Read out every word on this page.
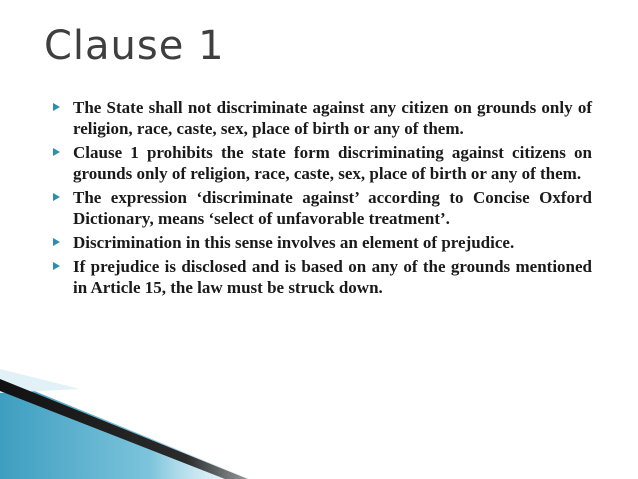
Clause 1
The State shall not discriminate against any citizen on grounds only of religion, race, caste, sex, place of birth or any of them.
Clause 1 prohibits the state form discriminating against citizens on grounds only of religion, race, caste, sex, place of birth or any of them.
The expression ‘discriminate against’ according to Concise Oxford Dictionary, means ‘select of unfavorable treatment’.
Discrimination in this sense involves an element of prejudice.
If prejudice is disclosed and is based on any of the grounds mentioned in Article 15, the law must be struck down.
